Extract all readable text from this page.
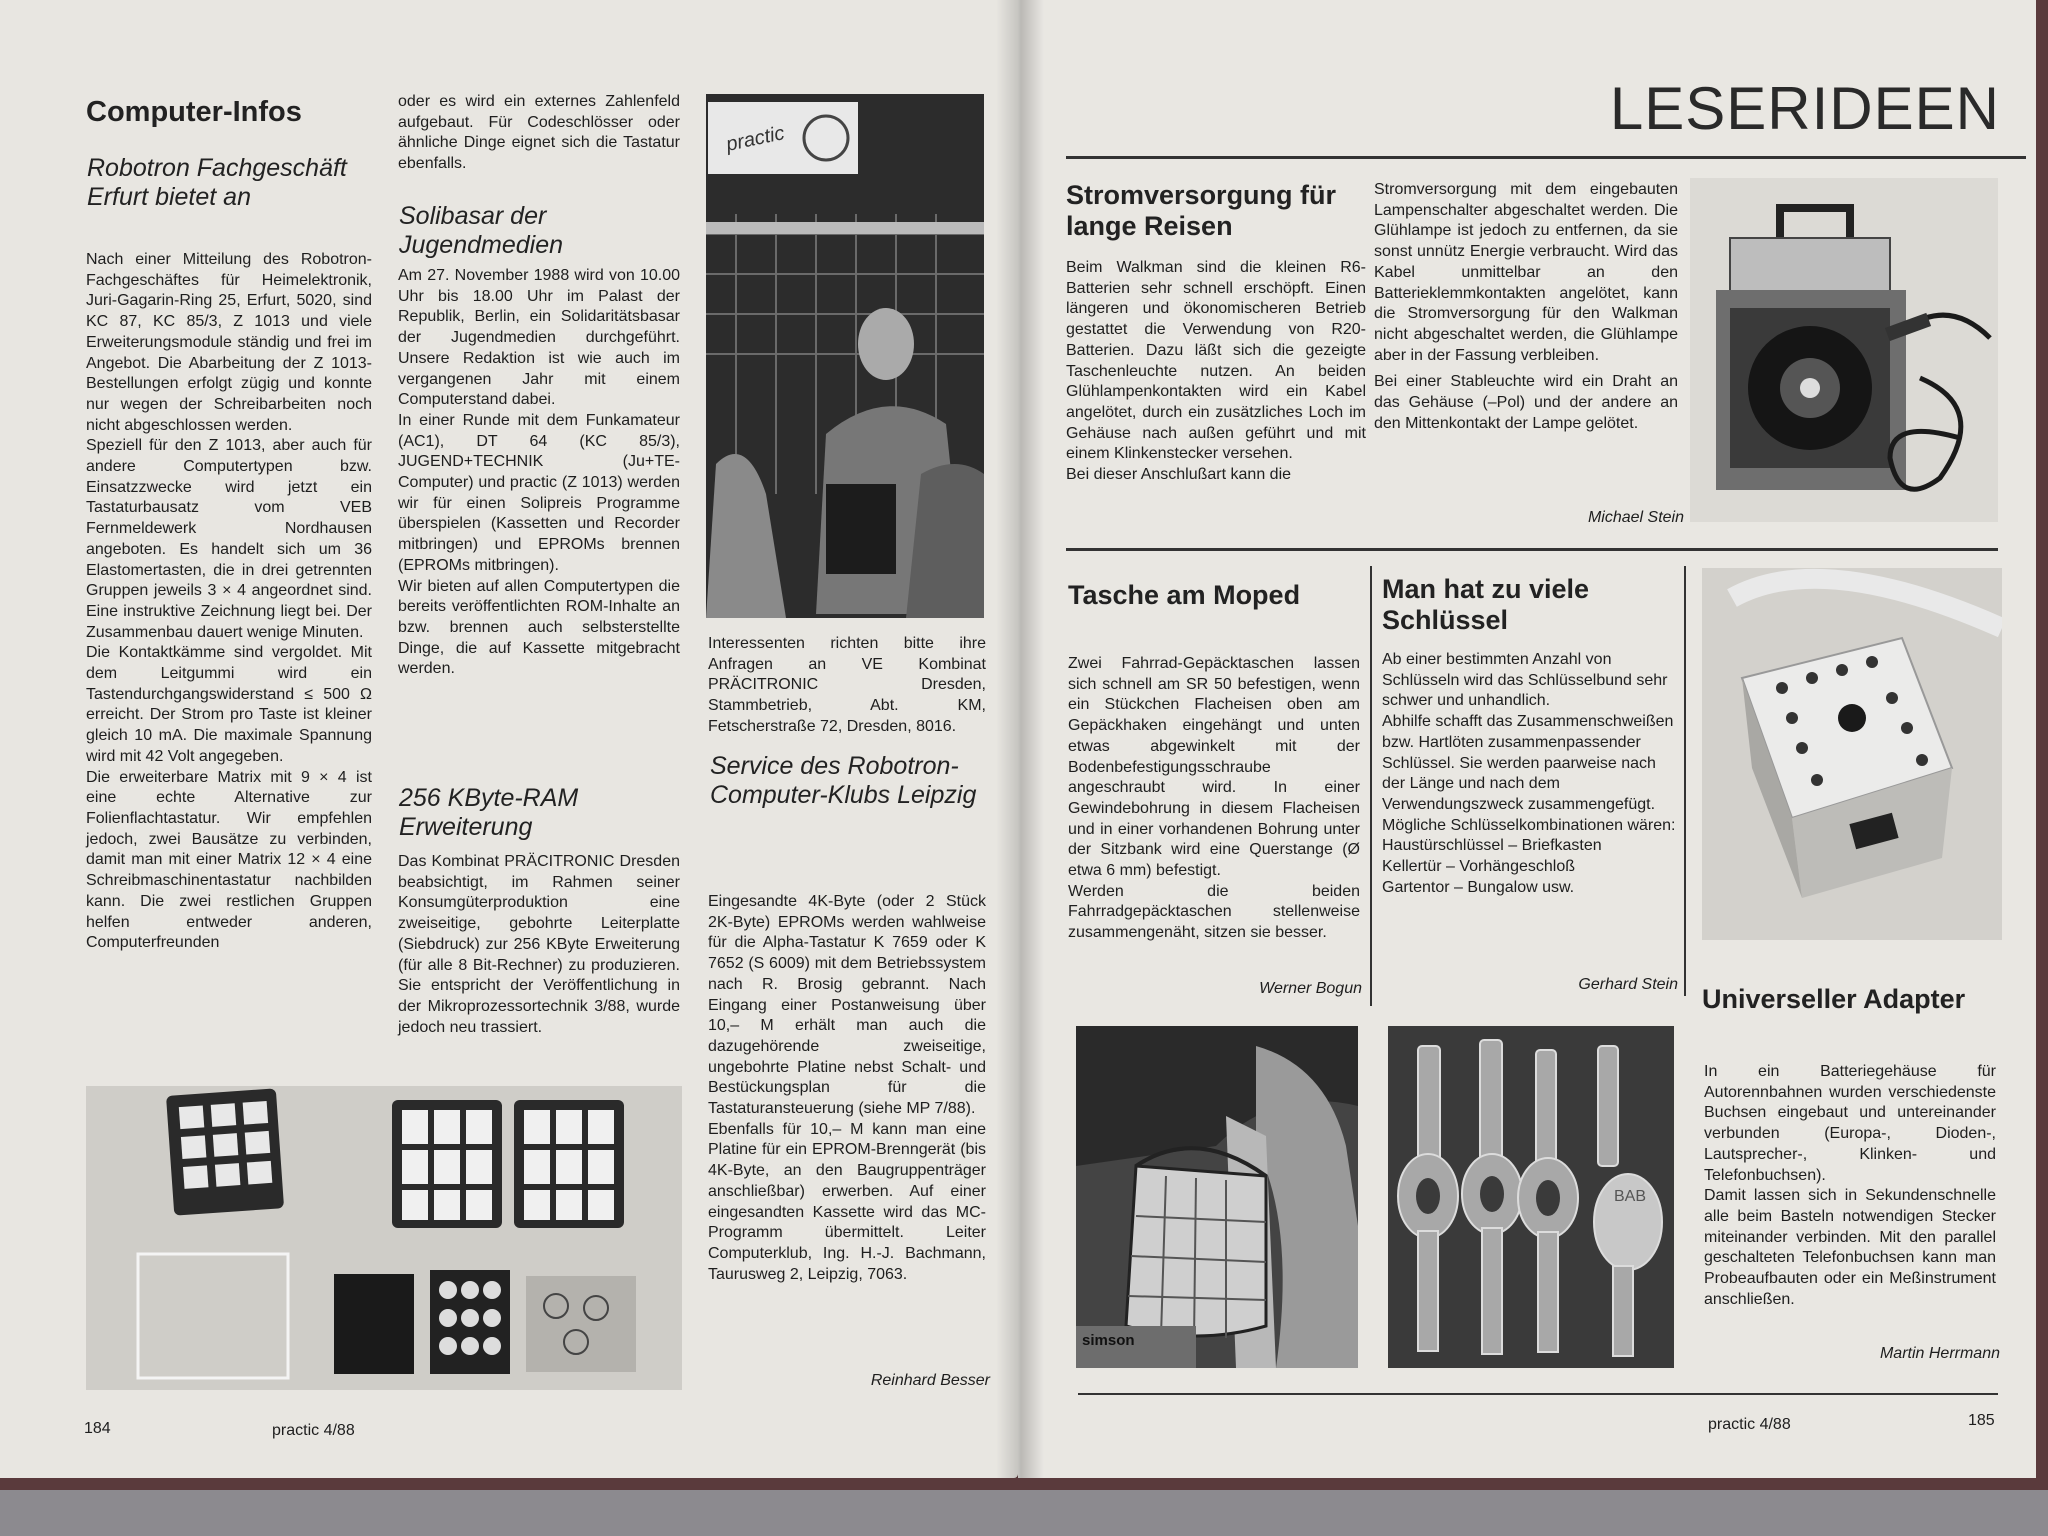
Computer-Infos
Robotron Fachgeschäft Erfurt bietet an

Nach einer Mitteilung des Robotron-Fachgeschäftes für Heimelektronik, Juri-Gagarin-Ring 25, Erfurt, 5020, sind KC 87, KC 85/3, Z 1013 und viele Erweiterungsmodule ständig und frei im Angebot. Die Abarbeitung der Z 1013-Bestellungen erfolgt zügig und konnte nur wegen der Schreibarbeiten noch nicht abgeschlossen werden.

Speziell für den Z 1013, aber auch für andere Computertypen bzw. Einsatzzwecke wird jetzt ein Tastaturbausatz vom VEB Fernmeldewerk Nordhausen angeboten. Es handelt sich um 36 Elastomertasten, die in drei getrennten Gruppen jeweils 3 × 4 angeordnet sind. Eine instruktive Zeichnung liegt bei. Der Zusammenbau dauert wenige Minuten.

Die Kontaktkämme sind vergoldet. Mit dem Leitgummi wird ein Tastendurchgangswiderstand ≤ 500 Ω erreicht. Der Strom pro Taste ist kleiner gleich 10 mA. Die maximale Spannung wird mit 42 Volt angegeben.

Die erweiterbare Matrix mit 9 × 4 ist eine echte Alternative zur Folienflachtastatur. Wir empfehlen jedoch, zwei Bausätze zu verbinden, damit man mit einer Matrix 12 × 4 eine Schreibmaschinentastatur nachbilden kann. Die zwei restlichen Gruppen helfen entweder anderen, Computerfreunden

oder es wird ein externes Zahlenfeld aufgebaut. Für Codeschlösser oder ähnliche Dinge eignet sich die Tastatur ebenfalls.
Solibasar der Jugendmedien

Am 27. November 1988 wird von 10.00 Uhr bis 18.00 Uhr im Palast der Republik, Berlin, ein Solidaritätsbasar der Jugendmedien durchgeführt. Unsere Redaktion ist wie auch im vergangenen Jahr mit einem Computerstand dabei.

In einer Runde mit dem Funkamateur (AC1), DT 64 (KC 85/3), JUGEND+TECHNIK (Ju+TE-Computer) und practic (Z 1013) werden wir für einen Solipreis Programme überspielen (Kassetten und Recorder mitbringen) und EPROMs brennen (EPROMs mitbringen).

Wir bieten auf allen Computertypen die bereits veröffentlichten ROM-Inhalte an bzw. brennen auch selbsterstellte Dinge, die auf Kassette mitgebracht werden.

256 KByte-RAM Erweiterung

Das Kombinat PRÄCITRONIC Dresden beabsichtigt, im Rahmen seiner Konsumgüterproduktion eine zweiseitige, gebohrte Leiterplatte (Siebdruck) zur 256 KByte Erweiterung (für alle 8 Bit-Rechner) zu produzieren. Sie entspricht der Veröffentlichung in der Mikroprozessortechnik 3/88, wurde jedoch neu trassiert.

practic
Interessenten richten bitte ihre Anfragen an VE Kombinat PRÄCITRONIC Dresden, Stammbetrieb, Abt. KM, Fetscherstraße 72, Dresden, 8016.
Service des Robotron-Computer-Klubs Leipzig

Eingesandte 4K-Byte (oder 2 Stück 2K-Byte) EPROMs werden wahlweise für die Alpha-Tastatur K 7659 oder K 7652 (S 6009) mit dem Betriebssystem nach R. Brosig gebrannt. Nach Eingang einer Postanweisung über 10,– M erhält man auch die dazugehörende zweiseitige, ungebohrte Platine nebst Schalt- und Bestückungsplan für die Tastaturansteuerung (siehe MP 7/88).

Ebenfalls für 10,– M kann man eine Platine für ein EPROM-Brenngerät (bis 4K-Byte, an den Baugruppenträger anschließbar) erwerben. Auf einer eingesandten Kassette wird das MC-Programm übermittelt. Leiter Computerklub, Ing. H.-J. Bachmann, Taurusweg 2, Leipzig, 7063.

Reinhard Besser
184	practic 4/88
LESERIDEEN
Stromversorgung für lange Reisen

Beim Walkman sind die kleinen R6-Batterien sehr schnell erschöpft. Einen längeren und ökonomischeren Betrieb gestattet die Verwendung von R20-Batterien. Dazu läßt sich die gezeigte Taschenleuchte nutzen. An beiden Glühlampenkontakten wird ein Kabel angelötet, durch ein zusätzliches Loch im Gehäuse nach außen geführt und mit einem Klinkenstecker versehen.

Bei dieser Anschlußart kann die

Stromversorgung mit dem eingebauten Lampenschalter abgeschaltet werden. Die Glühlampe ist jedoch zu entfernen, da sie sonst unnütz Energie verbraucht. Wird das Kabel unmittelbar an den Batterieklemmkontakten angelötet, kann die Stromversorgung für den Walkman nicht abgeschaltet werden, die Glühlampe aber in der Fassung verbleiben.

Bei einer Stableuchte wird ein Draht an das Gehäuse (–Pol) und der andere an den Mittenkontakt der Lampe gelötet.

Michael Stein
Tasche am Moped

Zwei Fahrrad-Gepäcktaschen lassen sich schnell am SR 50 befestigen, wenn ein Stückchen Flacheisen oben am Gepäckhaken eingehängt und unten etwas abgewinkelt mit der Bodenbefestigungsschraube angeschraubt wird. In einer Gewindebohrung in diesem Flacheisen und in einer vorhandenen Bohrung unter der Sitzbank wird eine Querstange (Ø etwa 6 mm) befestigt.

Werden die beiden Fahrradgepäcktaschen stellenweise zusammengenäht, sitzen sie besser.

Werner Bogun
Man hat zu viele Schlüssel

Ab einer bestimmten Anzahl von Schlüsseln wird das Schlüsselbund sehr schwer und unhandlich.

Abhilfe schafft das Zusammenschweißen bzw. Hartlöten zusammenpassender Schlüssel. Sie werden paarweise nach der Länge und nach dem Verwendungszweck zusammengefügt.

Mögliche Schlüsselkombinationen wären:

Haustürschlüssel – Briefkasten

Kellertür – Vorhängeschloß

Gartentor – Bungalow usw.

Gerhard Stein Universeller Adapter

In ein Batteriegehäuse für Autorennbahnen wurden verschiedenste Buchsen eingebaut und untereinander verbunden (Europa-, Dioden-, Lautsprecher-, Klinken- und Telefonbuchsen).

Damit lassen sich in Sekundenschnelle alle beim Basteln notwendigen Stecker miteinander verbinden. Mit den parallel geschalteten Telefonbuchsen kann man Probeaufbauten oder ein Meßinstrument anschließen.

Martin Herrmann
simson
BAB
practic 4/88	185
